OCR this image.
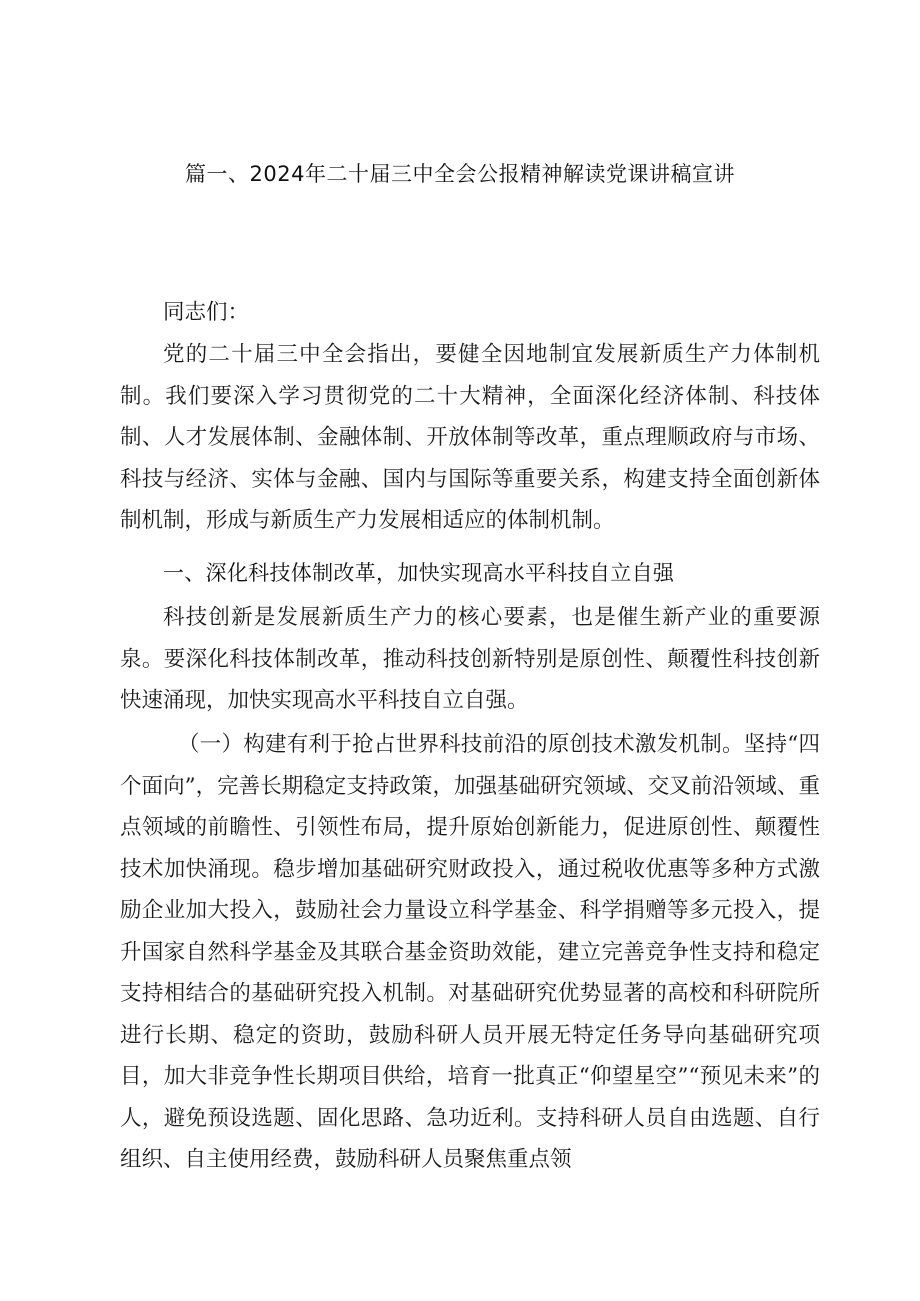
篇一、2024年二十届三中全会公报精神解读党课讲稿宣讲

同志们：

党的二十届三中全会指出，要健全因地制宜发展新质生产力体制机制。我们要深入学习贯彻党的二十大精神，全面深化经济体制、科技体制、人才发展体制、金融体制、开放体制等改革，重点理顺政府与市场、科技与经济、实体与金融、国内与国际等重要关系，构建支持全面创新体制机制，形成与新质生产力发展相适应的体制机制。

一、深化科技体制改革，加快实现高水平科技自立自强

科技创新是发展新质生产力的核心要素，也是催生新产业的重要源泉。要深化科技体制改革，推动科技创新特别是原创性、颠覆性科技创新快速涌现，加快实现高水平科技自立自强。

（一）构建有利于抢占世界科技前沿的原创技术激发机制。坚持“四个面向”，完善长期稳定支持政策，加强基础研究领域、交叉前沿领域、重点领域的前瞻性、引领性布局，提升原始创新能力，促进原创性、颠覆性技术加快涌现。稳步增加基础研究财政投入，通过税收优惠等多种方式激励企业加大投入，鼓励社会力量设立科学基金、科学捐赠等多元投入，提升国家自然科学基金及其联合基金资助效能，建立完善竞争性支持和稳定支持相结合的基础研究投入机制。对基础研究优势显著的高校和科研院所进行长期、稳定的资助，鼓励科研人员开展无特定任务导向基础研究项目，加大非竞争性长期项目供给，培育一批真正“仰望星空”“预见未来”的人，避免预设选题、固化思路、急功近利。支持科研人员自由选题、自行组织、自主使用经费，鼓励科研人员聚焦重点领
